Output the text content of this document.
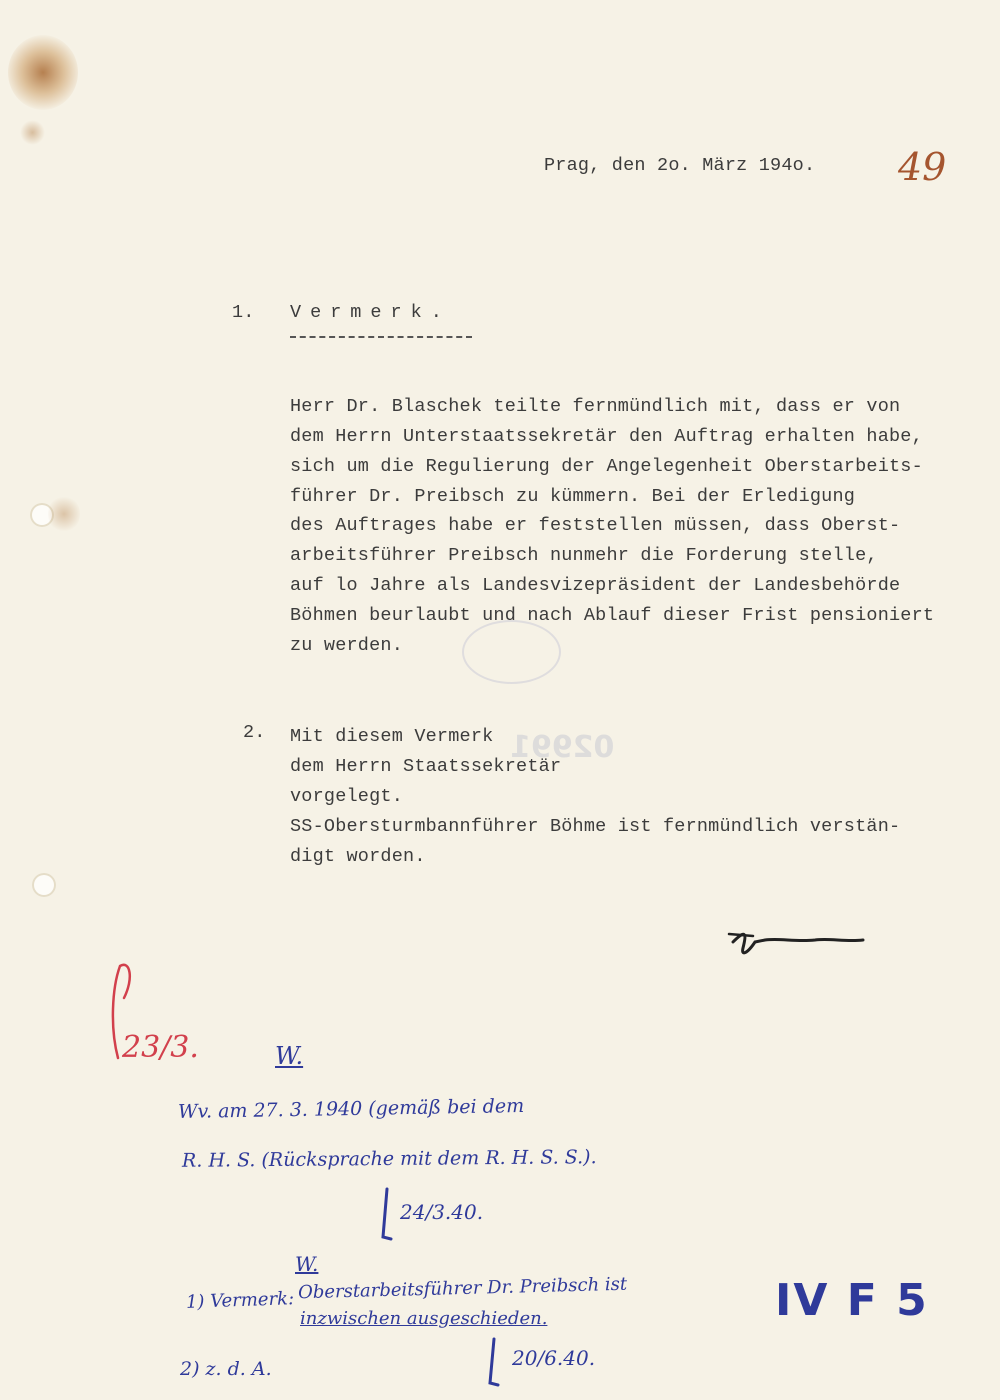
02991

Prag, den 2o. März 194o. 49

1. Vermerk.

Herr Dr. Blaschek teilte fernmündlich mit, dass er von

dem Herrn Unterstaatssekretär den Auftrag erhalten habe,

sich um die Regulierung der Angelegenheit Oberstarbeits-

führer Dr. Preibsch zu kümmern. Bei der Erledigung

des Auftrages habe er feststellen müssen, dass Oberst-

arbeitsführer Preibsch nunmehr die Forderung stelle,

auf lo Jahre als Landesvizepräsident der Landesbehörde

Böhmen beurlaubt und nach Ablauf dieser Frist pensioniert

zu werden.

2. Mit diesem Vermerk

dem Herrn Staatssekretär

vorgelegt.

SS-Obersturmbannführer Böhme ist fernmündlich verstän-

digt worden.

23/3.	W.
Wv. am 27. 3. 1940 (gemäß bei dem
R. H. S. (Rücksprache mit dem R. H. S. S.).
24/3.40.
W.
1) Vermerk: Oberstarbeitsführer Dr. Preibsch ist
inzwischen ausgeschieden.
2) z. d. A.	20/6.40.
IV F 5
